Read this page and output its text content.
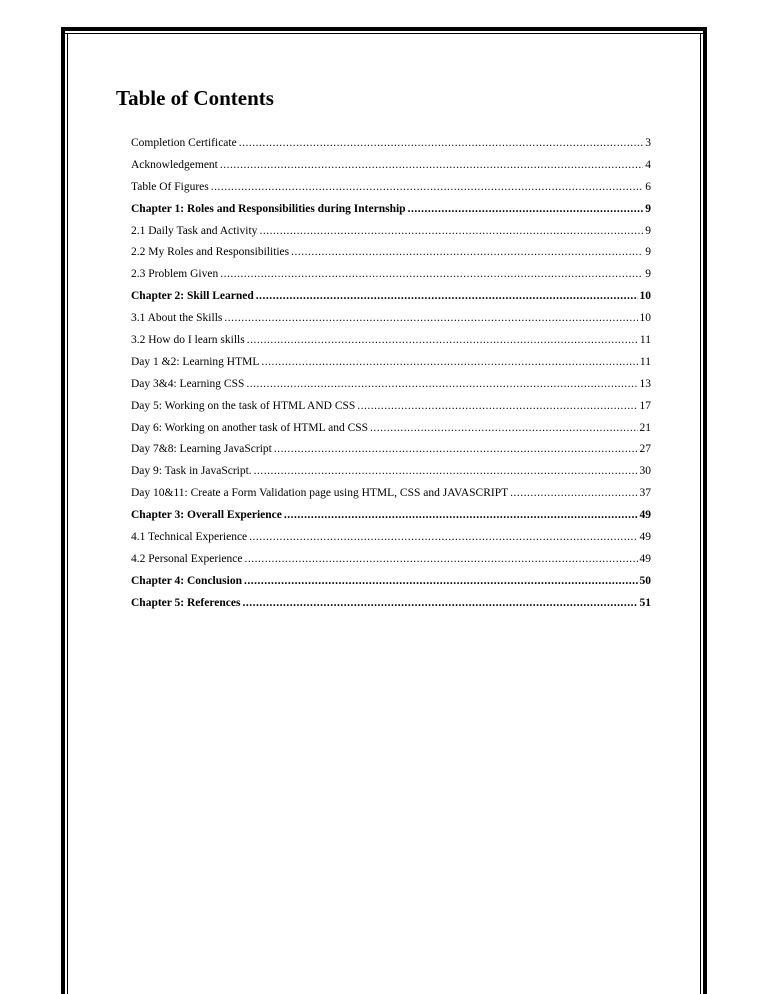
Table of Contents
Completion Certificate .....	3
Acknowledgement .....	4
Table Of Figures .....	6
Chapter 1: Roles and Responsibilities during Internship .....	9
2.1 Daily Task and Activity .....	9
2.2 My Roles and Responsibilities .....	9
2.3 Problem Given .....	9
Chapter 2: Skill Learned .....	10
3.1 About the Skills .....	10
3.2 How do I learn skills .....	11
Day 1 &2: Learning HTML .....	11
Day 3&4: Learning CSS .....	13
Day 5: Working on the task of HTML AND CSS .....	17
Day 6: Working on another task of HTML and CSS .....	21
Day 7&8: Learning JavaScript .....	27
Day 9: Task in JavaScript. .....	30
Day 10&11: Create a Form Validation page using HTML, CSS and JAVASCRIPT .....	37
Chapter 3: Overall Experience .....	49
4.1 Technical Experience .....	49
4.2 Personal Experience .....	49
Chapter 4: Conclusion .....	50
Chapter 5: References .....	51
